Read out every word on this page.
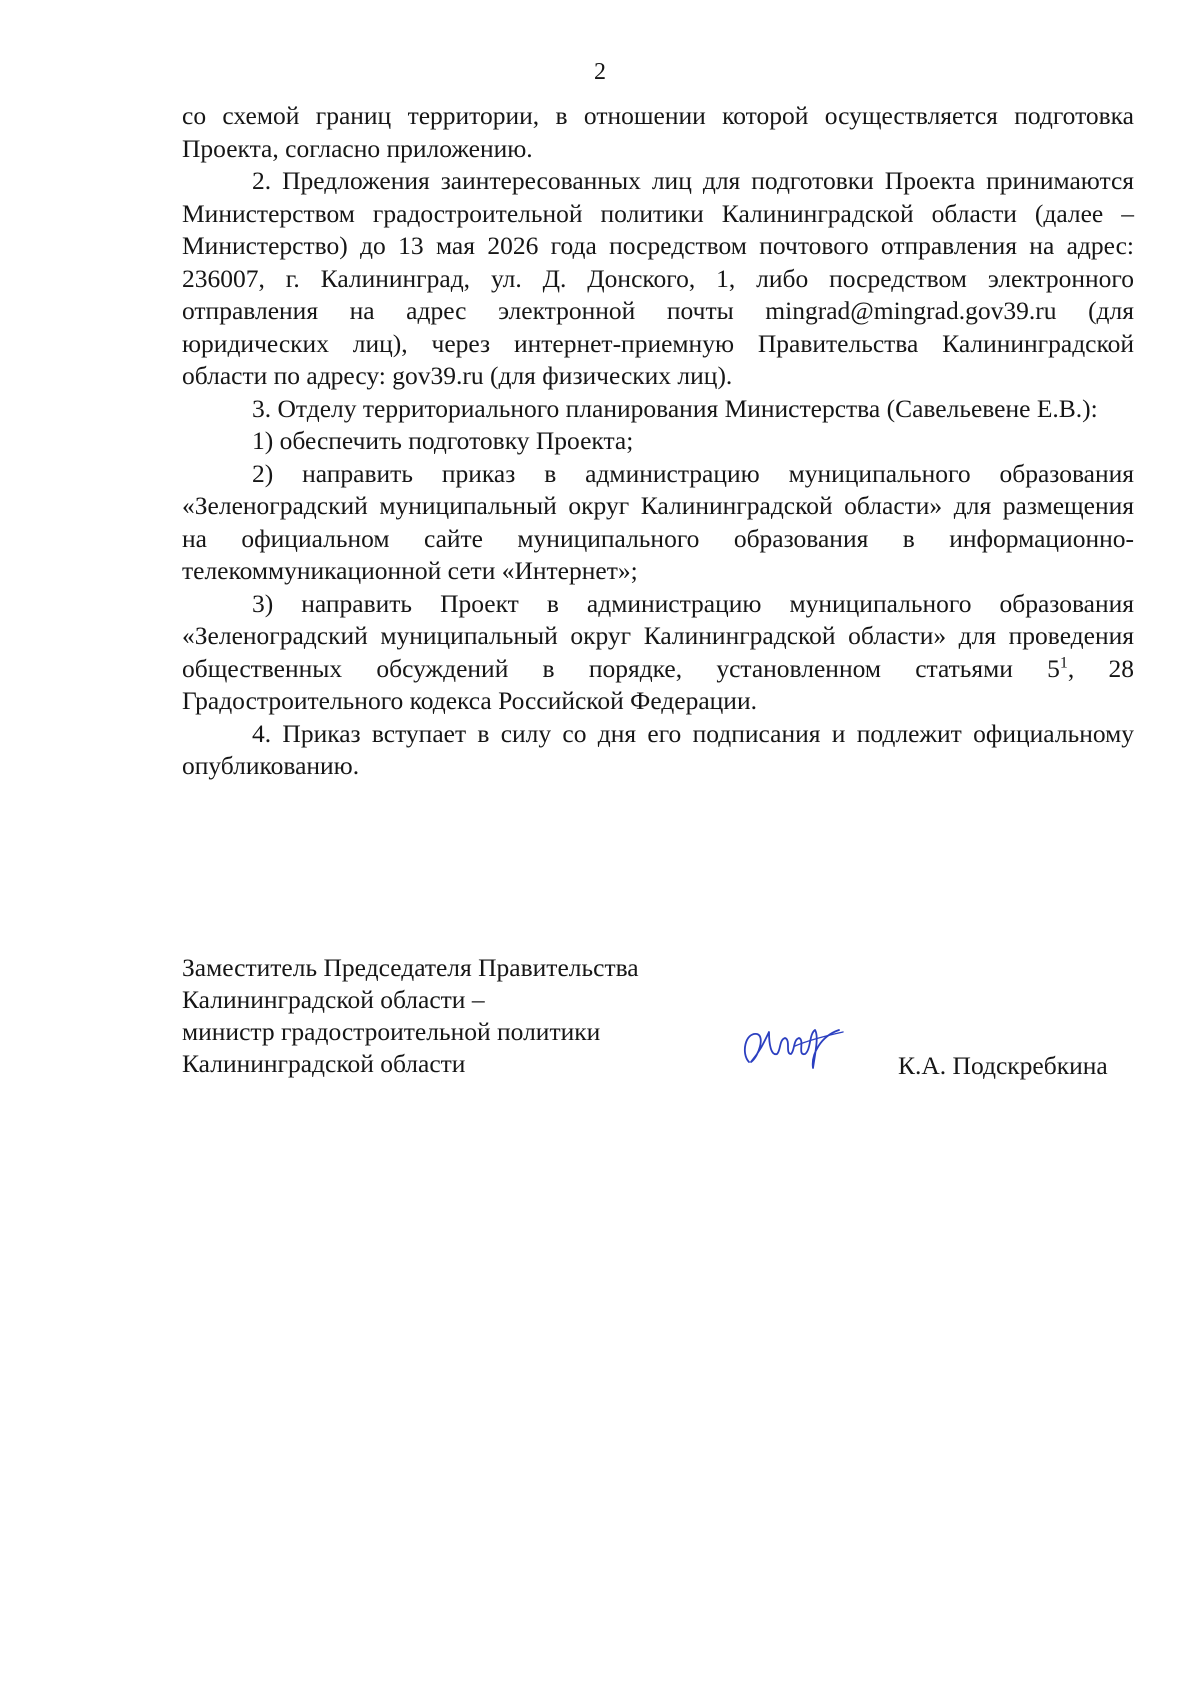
2

со схемой границ территории, в отношении которой осуществляется подготовка Проекта, согласно приложению.

2. Предложения заинтересованных лиц для подготовки Проекта принимаются Министерством градостроительной политики Калининградской области (далее – Министерство) до 13 мая 2026 года посредством почтового отправления на адрес: 236007, г. Калининград, ул. Д. Донского, 1, либо посредством электронного отправления на адрес электронной почты mingrad@mingrad.gov39.ru (для юридических лиц), через интернет-приемную Правительства Калининградской области по адресу: gov39.ru (для физических лиц).

3. Отделу территориального планирования Министерства (Савельевене Е.В.):

1) обеспечить подготовку Проекта;

2) направить приказ в администрацию муниципального образования «Зеленоградский муниципальный округ Калининградской области» для размещения на официальном сайте муниципального образования в информационно-телекоммуникационной сети «Интернет»;

3) направить Проект в администрацию муниципального образования «Зеленоградский муниципальный округ Калининградской области» для проведения общественных обсуждений в порядке, установленном статьями $5^1$, 28 Градостроительного кодекса Российской Федерации.

4. Приказ вступает в силу со дня его подписания и подлежит официальному опубликованию.

Заместитель Председателя Правительства
Калининградской области –
министр градостроительной политики
Калининградской области	К.А. Подскребкина
